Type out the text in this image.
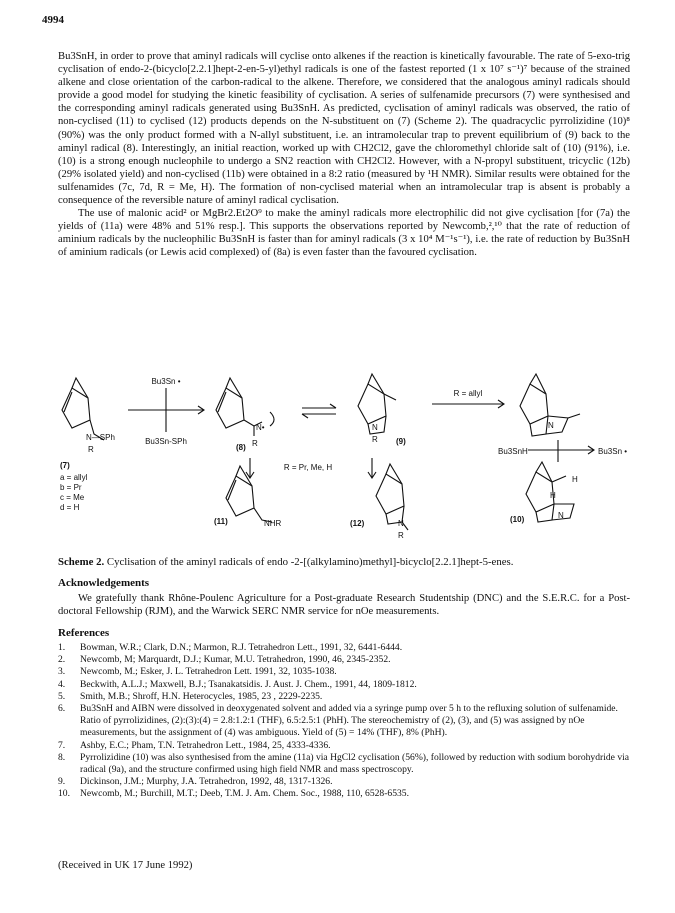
4994

Bu3SnH, in order to prove that aminyl radicals will cyclise onto alkenes if the reaction is kinetically favourable. The rate of 5-exo-trig cyclisation of endo-2-(bicyclo[2.2.1]hept-2-en-5-yl)ethyl radicals is one of the fastest reported (1 x 10⁷ s⁻¹)⁷ because of the strained alkene and close orientation of the carbon-radical to the alkene. Therefore, we considered that the analogous aminyl radicals should provide a good model for studying the kinetic feasibility of cyclisation. A series of sulfenamide precursors (7) were synthesised and the corresponding aminyl radicals generated using Bu3SnH. As predicted, cyclisation of aminyl radicals was observed, the ratio of non-cyclised (11) to cyclised (12) products depends on the N-substituent on (7) (Scheme 2). The quadracyclic pyrrolizidine (10)⁸ (90%) was the only product formed with a N-allyl substituent, i.e. an intramolecular trap to prevent equilibrium of (9) back to the aminyl radical (8). Interestingly, an initial reaction, worked up with CH2Cl2, gave the chloromethyl chloride salt of (10) (91%), i.e. (10) is a strong enough nucleophile to undergo a SN2 reaction with CH2Cl2. However, with a N-propyl substituent, tricyclic (12b) (29% isolated yield) and non-cyclised (11b) were obtained in a 8:2 ratio (measured by ¹H NMR). Similar results were obtained for the sulfenamides (7c, 7d, R = Me, H). The formation of non-cyclised material when an intramolecular trap is absent is probably a consequence of the reversible nature of aminyl radical cyclisation.

The use of malonic acid² or MgBr2.Et2O⁹ to make the aminyl radicals more electrophilic did not give cyclisation [for (7a) the yields of (11a) were 48% and 51% resp.]. This supports the observations reported by Newcomb,²,¹⁰ that the rate of reduction of aminium radicals by the nucleophilic Bu3SnH is faster than for aminyl radicals (3 x 10⁴ M⁻¹s⁻¹), i.e. the rate of reduction by Bu3SnH of aminium radicals (or Lewis acid complexed) of (8a) is even faster than the favoured cyclisation.

Bu3Sn •
Bu3Sn-SPh
N—SPh
R
(7)
a = allyl
b = Pr
c = Me
d = H
N•
R
(8)
N
R (9)
R = allyl
N
Bu3SnH	Bu3Sn •
R = Pr, Me, H
(11)	NHR	(12)	N
R
(10)	N
H
H
Scheme 2. Cyclisation of the aminyl radicals of endo -2-[(alkylamino)methyl]-bicyclo[2.2.1]hept-5-enes.
Acknowledgements
We gratefully thank Rhône-Poulenc Agriculture for a Post-graduate Research Studentship (DNC) and the S.E.R.C. for a Post-doctoral Fellowship (RJM), and the Warwick SERC NMR service for nOe measurements.
References
1.	Bowman, W.R.; Clark, D.N.; Marmon, R.J. Tetrahedron Lett., 1991, 32, 6441-6444.
2.	Newcomb, M; Marquardt, D.J.; Kumar, M.U. Tetrahedron, 1990, 46, 2345-2352.
3.	Newcomb, M.; Esker, J. L. Tetrahedron Lett. 1991, 32, 1035-1038.
4.	Beckwith, A.L.J.; Maxwell, B.J.; Tsanakatsidis. J. Aust. J. Chem., 1991, 44, 1809-1812.
5.	Smith, M.B.; Shroff, H.N. Heterocycles, 1985, 23 , 2229-2235.
6.	Bu3SnH and AIBN were dissolved in deoxygenated solvent and added via a syringe pump over 5 h to the refluxing solution of sulfenamide. Ratio of pyrrolizidines, (2):(3):(4) = 2.8:1.2:1 (THF), 6.5:2.5:1 (PhH). The stereochemistry of (2), (3), and (5) was assigned by nOe measurements, but the assignment of (4) was ambiguous. Yield of (5) = 14% (THF), 8% (PhH).
7.	Ashby, E.C.; Pham, T.N. Tetrahedron Lett., 1984, 25, 4333-4336.
8.	Pyrrolizidine (10) was also synthesised from the amine (11a) via HgCl2 cyclisation (56%), followed by reduction with sodium borohydride via radical (9a), and the structure confirmed using high field NMR and mass spectroscopy.
9.	Dickinson, J.M.; Murphy, J.A. Tetrahedron, 1992, 48, 1317-1326.
10.	Newcomb, M.; Burchill, M.T.; Deeb, T.M. J. Am. Chem. Soc., 1988, 110, 6528-6535.
(Received in UK 17 June 1992)
